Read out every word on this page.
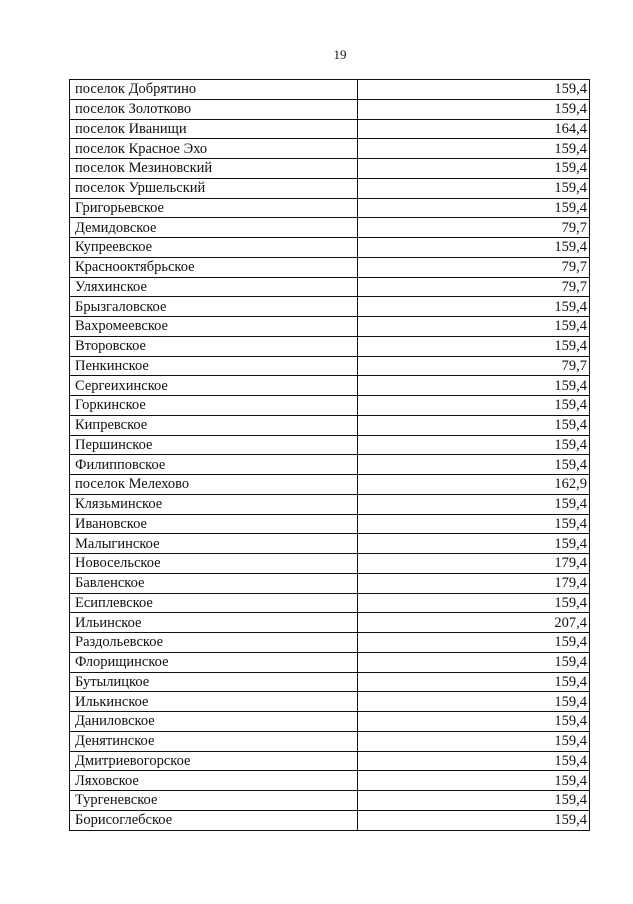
19
поселок Добрятино	159,4
поселок Золотково	159,4
поселок Иванищи	164,4
поселок Красное Эхо	159,4
поселок Мезиновский	159,4
поселок Уршельский	159,4
Григорьевское	159,4
Демидовское	79,7
Купреевское	159,4
Краснооктябрьское	79,7
Уляхинское	79,7
Брызгаловское	159,4
Вахромеевское	159,4
Второвское	159,4
Пенкинское	79,7
Сергеихинское	159,4
Горкинское	159,4
Кипревское	159,4
Першинское	159,4
Филипповское	159,4
поселок Мелехово	162,9
Клязьминское	159,4
Ивановское	159,4
Малыгинское	159,4
Новосельское	179,4
Бавленское	179,4
Есиплевское	159,4
Ильинское	207,4
Раздольевское	159,4
Флорищинское	159,4
Бутылицкое	159,4
Илькинское	159,4
Даниловское	159,4
Денятинское	159,4
Дмитриевогорское	159,4
Ляховское	159,4
Тургеневское	159,4
Борисоглебское	159,4
